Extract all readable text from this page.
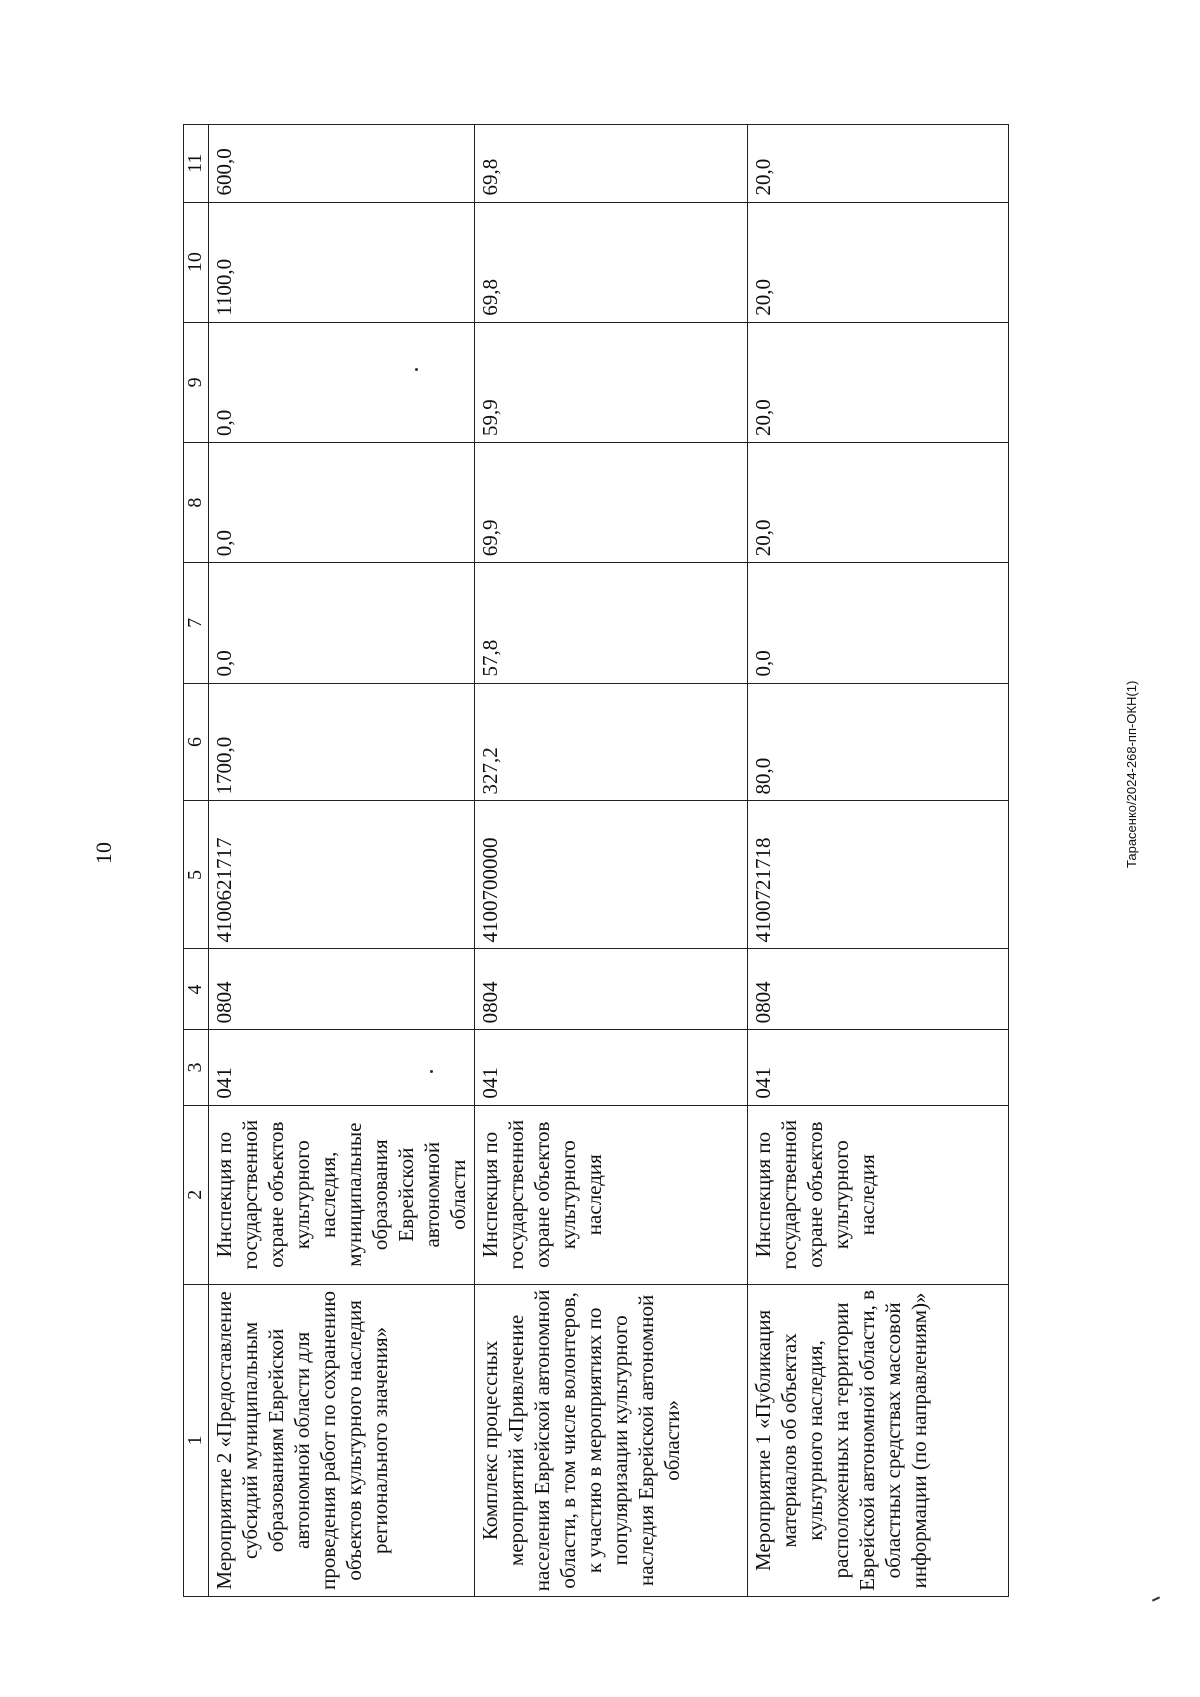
10	Тарасенко/2024-268-пп-ОКН(1)
1	2	3	4	5	6	7	8	9	10	11
Мероприятие 2 «Предоставление субсидий муниципальным образованиям Еврейской автономной области для проведения работ по сохранению объектов культурного наследия регионального значения»	Инспекция по государственной охране объектов культурного наследия, муниципальные образования Еврейской автономной области	041	0804	4100621717	1700,0	0,0	0,0	0,0	1100,0	600,0
Комплекс процессных мероприятий «Привлечение населения Еврейской автономной области, в том числе волонтеров, к участию в мероприятиях по популяризации культурного наследия Еврейской автономной области»	Инспекция по государственной охране объектов культурного наследия	041	0804	4100700000	327,2	57,8	69,9	59,9	69,8	69,8
Мероприятие 1 «Публикация материалов об объектах культурного наследия, расположенных на территории Еврейской автономной области, в областных средствах массовой информации (по направлениям)»	Инспекция по государственной охране объектов культурного наследия	041	0804	4100721718	80,0	0,0	20,0	20,0	20,0	20,0
